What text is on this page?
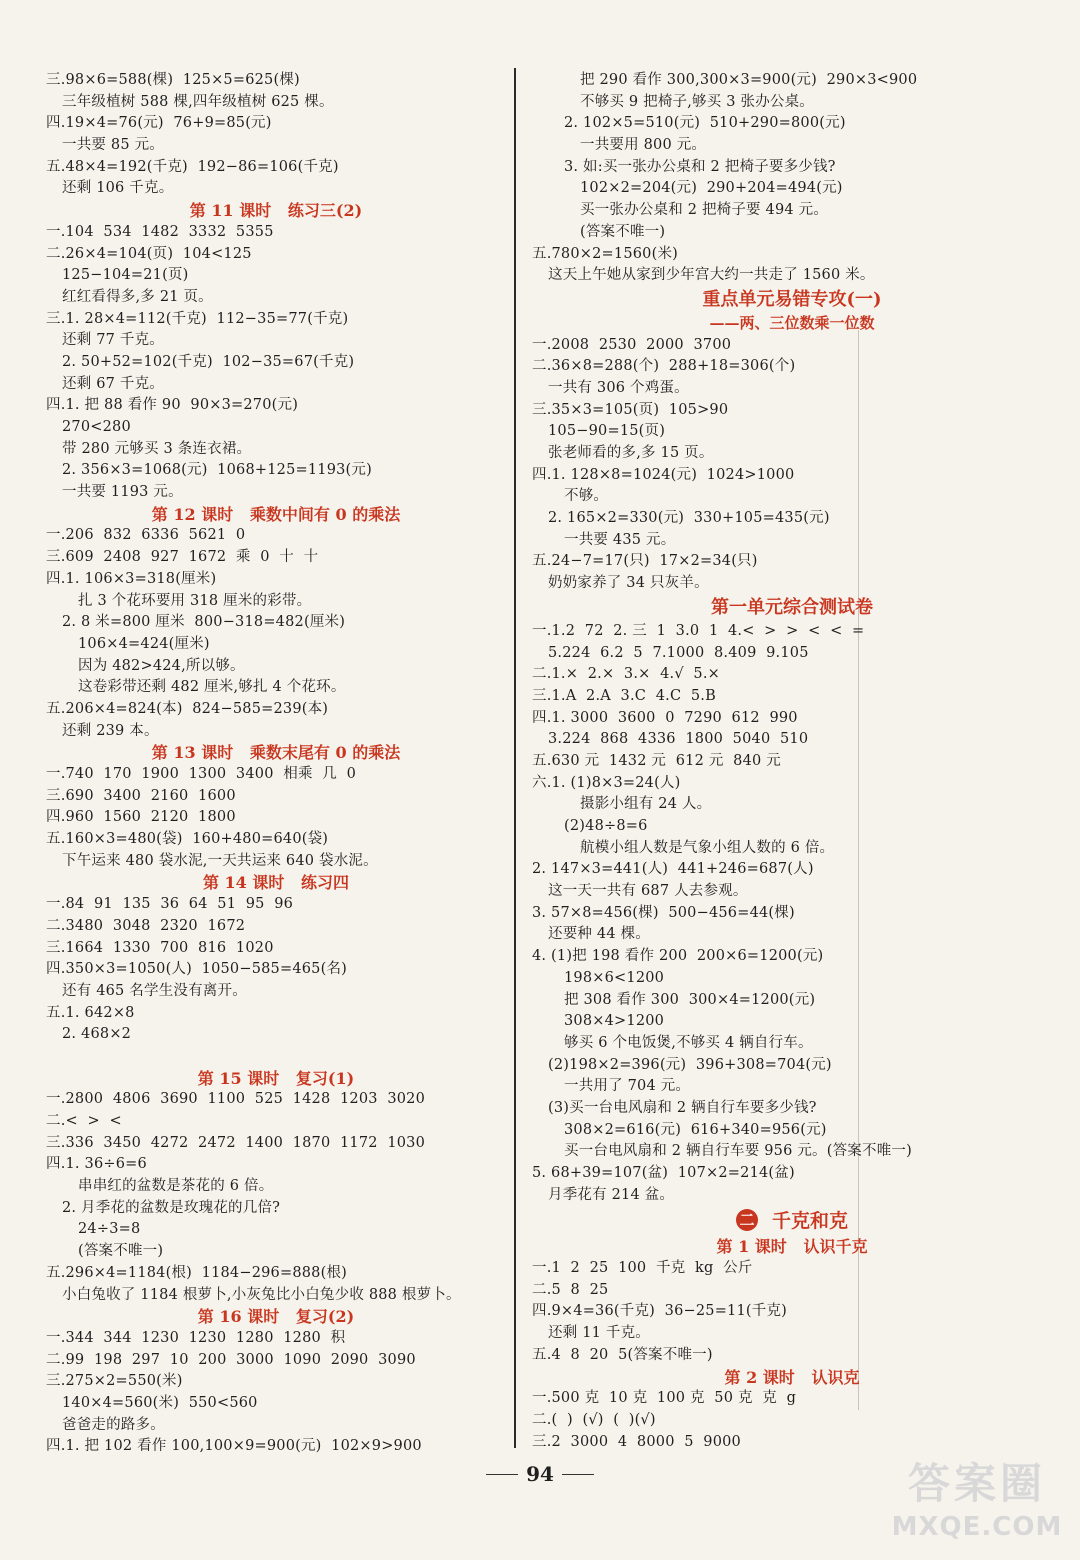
三.98×6=588(棵)  125×5=625(棵)
三年级植树 588 棵,四年级植树 625 棵。
四.19×4=76(元)  76+9=85(元)
一共要 85 元。
五.48×4=192(千克)  192−86=106(千克)
还剩 106 千克。
第 11 课时   练习三(2)
一.104  534  1482  3332  5355
二.26×4=104(页)  104<125
125−104=21(页)
红红看得多,多 21 页。
三.1. 28×4=112(千克)  112−35=77(千克)
还剩 77 千克。
2. 50+52=102(千克)  102−35=67(千克)
还剩 67 千克。
四.1. 把 88 看作 90  90×3=270(元)
270<280
带 280 元够买 3 条连衣裙。
2. 356×3=1068(元)  1068+125=1193(元)
一共要 1193 元。
第 12 课时   乘数中间有 0 的乘法
一.206  832  6336  5621  0
三.609  2408  927  1672  乘  0  十  十
四.1. 106×3=318(厘米)
扎 3 个花环要用 318 厘米的彩带。
2. 8 米=800 厘米  800−318=482(厘米)
106×4=424(厘米)
因为 482>424,所以够。
这卷彩带还剩 482 厘米,够扎 4 个花环。
五.206×4=824(本)  824−585=239(本)
还剩 239 本。
第 13 课时   乘数末尾有 0 的乘法
一.740  170  1900  1300  3400  相乘  几  0
三.690  3400  2160  1600
四.960  1560  2120  1800
五.160×3=480(袋)  160+480=640(袋)
下午运来 480 袋水泥,一天共运来 640 袋水泥。
第 14 课时   练习四
一.84  91  135  36  64  51  95  96
二.3480  3048  2320  1672
三.1664  1330  700  816  1020
四.350×3=1050(人)  1050−585=465(名)
还有 465 名学生没有离开。
五.1. 642×8
2. 468×2
第 15 课时   复习(1)
一.2800  4806  3690  1100  525  1428  1203  3020
二.<  >  <
三.336  3450  4272  2472  1400  1870  1172  1030
四.1. 36÷6=6
串串红的盆数是茶花的 6 倍。
2. 月季花的盆数是玫瑰花的几倍?
24÷3=8
(答案不唯一)
五.296×4=1184(根)  1184−296=888(根)
小白兔收了 1184 根萝卜,小灰兔比小白兔少收 888 根萝卜。
第 16 课时   复习(2)
一.344  344  1230  1230  1280  1280  积
二.99  198  297  10  200  3000  1090  2090  3090
三.275×2=550(米)
140×4=560(米)  550<560
爸爸走的路多。
四.1. 把 102 看作 100,100×9=900(元)  102×9>900
把 290 看作 300,300×3=900(元)  290×3<900
不够买 9 把椅子,够买 3 张办公桌。
2. 102×5=510(元)  510+290=800(元)
一共要用 800 元。
3. 如:买一张办公桌和 2 把椅子要多少钱?
102×2=204(元)  290+204=494(元)
买一张办公桌和 2 把椅子要 494 元。
(答案不唯一)
五.780×2=1560(米)
这天上午她从家到少年宫大约一共走了 1560 米。
重点单元易错专攻(一)
——两、三位数乘一位数
一.2008  2530  2000  3700
二.36×8=288(个)  288+18=306(个)
一共有 306 个鸡蛋。
三.35×3=105(页)  105>90
105−90=15(页)
张老师看的多,多 15 页。
四.1. 128×8=1024(元)  1024>1000
不够。
2. 165×2=330(元)  330+105=435(元)
一共要 435 元。
五.24−7=17(只)  17×2=34(只)
奶奶家养了 34 只灰羊。
第一单元综合测试卷
一.1.2  72  2. 三  1  3.0  1  4.<  >  >  <  <  =
5.224  6.2  5  7.1000  8.409  9.105
二.1.×  2.×  3.×  4.√  5.×
三.1.A  2.A  3.C  4.C  5.B
四.1. 3000  3600  0  7290  612  990
3.224  868  4336  1800  5040  510
五.630 元  1432 元  612 元  840 元
六.1. (1)8×3=24(人)
摄影小组有 24 人。
(2)48÷8=6
航模小组人数是气象小组人数的 6 倍。
2. 147×3=441(人)  441+246=687(人)
这一天一共有 687 人去参观。
3. 57×8=456(棵)  500−456=44(棵)
还要种 44 棵。
4. (1)把 198 看作 200  200×6=1200(元)
198×6<1200
把 308 看作 300  300×4=1200(元)
308×4>1200
够买 6 个电饭煲,不够买 4 辆自行车。
(2)198×2=396(元)  396+308=704(元)
一共用了 704 元。
(3)买一台电风扇和 2 辆自行车要多少钱?
308×2=616(元)  616+340=956(元)
买一台电风扇和 2 辆自行车要 956 元。(答案不唯一)
5. 68+39=107(盆)  107×2=214(盆)
月季花有 214 盆。
二 千克和克
第 1 课时   认识千克
一.1  2  25  100  千克  kg  公斤
二.5  8  25
四.9×4=36(千克)  36−25=11(千克)
还剩 11 千克。
五.4  8  20  5(答案不唯一)
第 2 课时   认识克
一.500 克  10 克  100 克  50 克  克  g
二.(  )  (√)  (  )(√)
三.2  3000  4  8000  5  9000
94	答案圈
MXQE.COM
